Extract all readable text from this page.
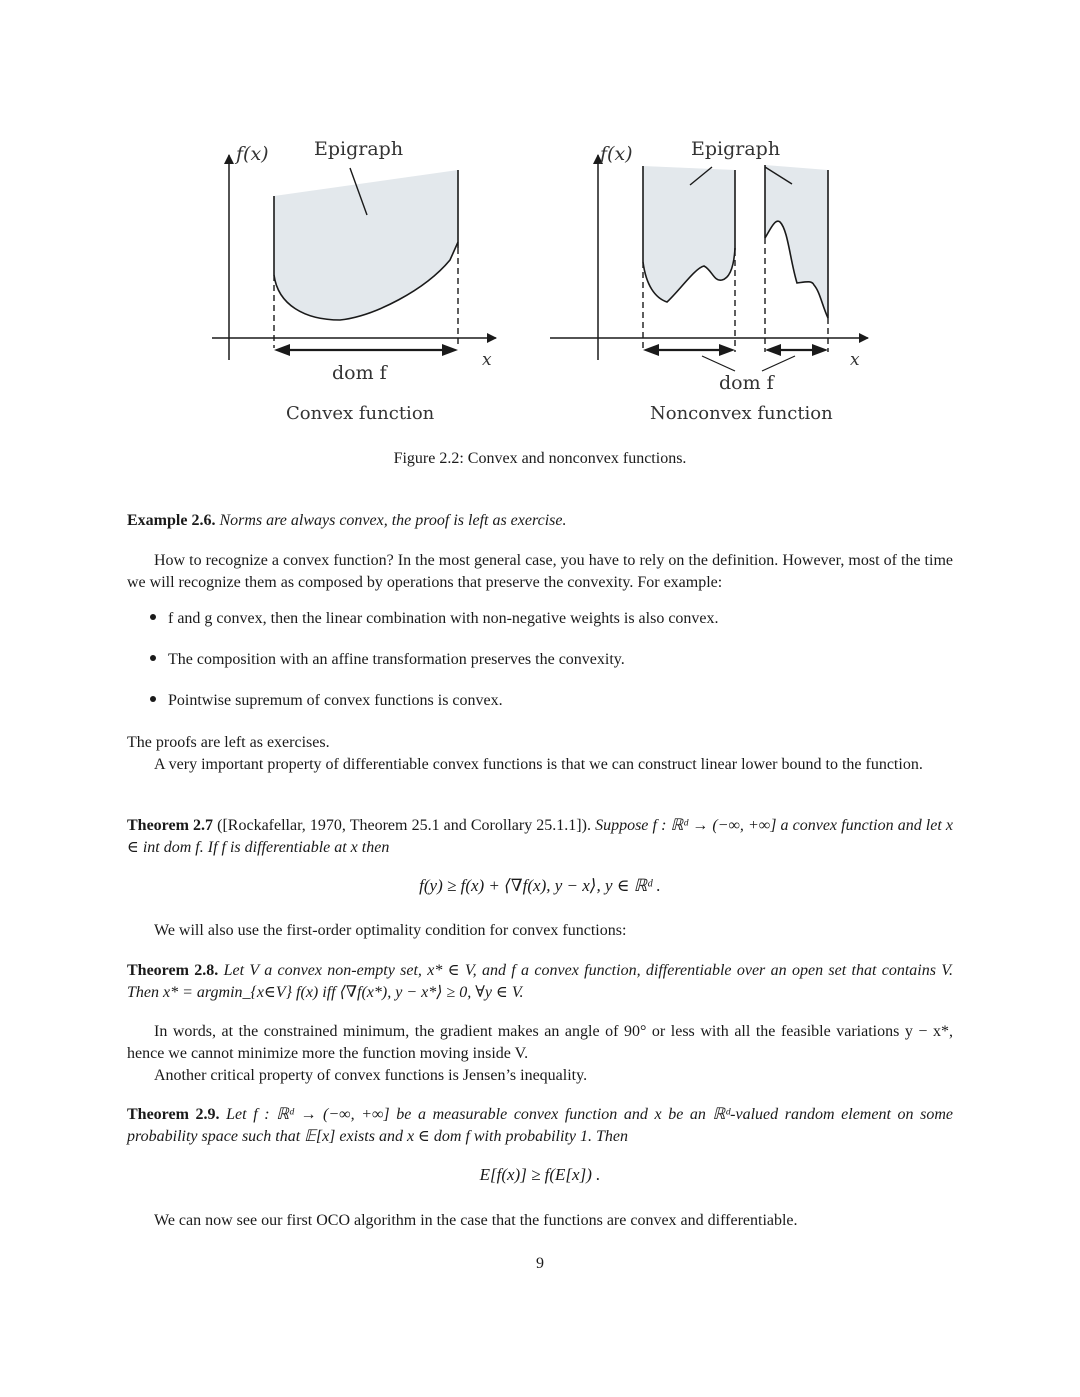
f(x) Epigraph
x
dom f
Convex function
f(x)	Epigraph
x
dom f
Nonconvex function
Figure 2.2: Convex and nonconvex functions.
Example 2.6. Norms are always convex, the proof is left as exercise.
How to recognize a convex function? In the most general case, you have to rely on the definition. However, most of the time we will recognize them as composed by operations that preserve the convexity. For example:
f and g convex, then the linear combination with non-negative weights is also convex.
The composition with an affine transformation preserves the convexity.
Pointwise supremum of convex functions is convex.
The proofs are left as exercises.
A very important property of differentiable convex functions is that we can construct linear lower bound to the function.
Theorem 2.7 ([Rockafellar, 1970, Theorem 25.1 and Corollary 25.1.1]). Suppose f : ℝᵈ → (−∞, +∞] a convex function and let x ∈ int dom f. If f is differentiable at x then
f(y) ≥ f(x) + ⟨∇f(x), y − x⟩, y ∈ ℝᵈ .
We will also use the first-order optimality condition for convex functions:
Theorem 2.8. Let V a convex non-empty set, x* ∈ V, and f a convex function, differentiable over an open set that contains V. Then x* = argmin_{x∈V} f(x) iff ⟨∇f(x*), y − x*⟩ ≥ 0, ∀y ∈ V.
In words, at the constrained minimum, the gradient makes an angle of 90° or less with all the feasible variations y − x*, hence we cannot minimize more the function moving inside V.
Another critical property of convex functions is Jensen’s inequality.
Theorem 2.9. Let f : ℝᵈ → (−∞, +∞] be a measurable convex function and x be an ℝᵈ-valued random element on some probability space such that 𝔼[x] exists and x ∈ dom f with probability 1. Then
E[f(x)] ≥ f(E[x]) .
We can now see our first OCO algorithm in the case that the functions are convex and differentiable.
9
